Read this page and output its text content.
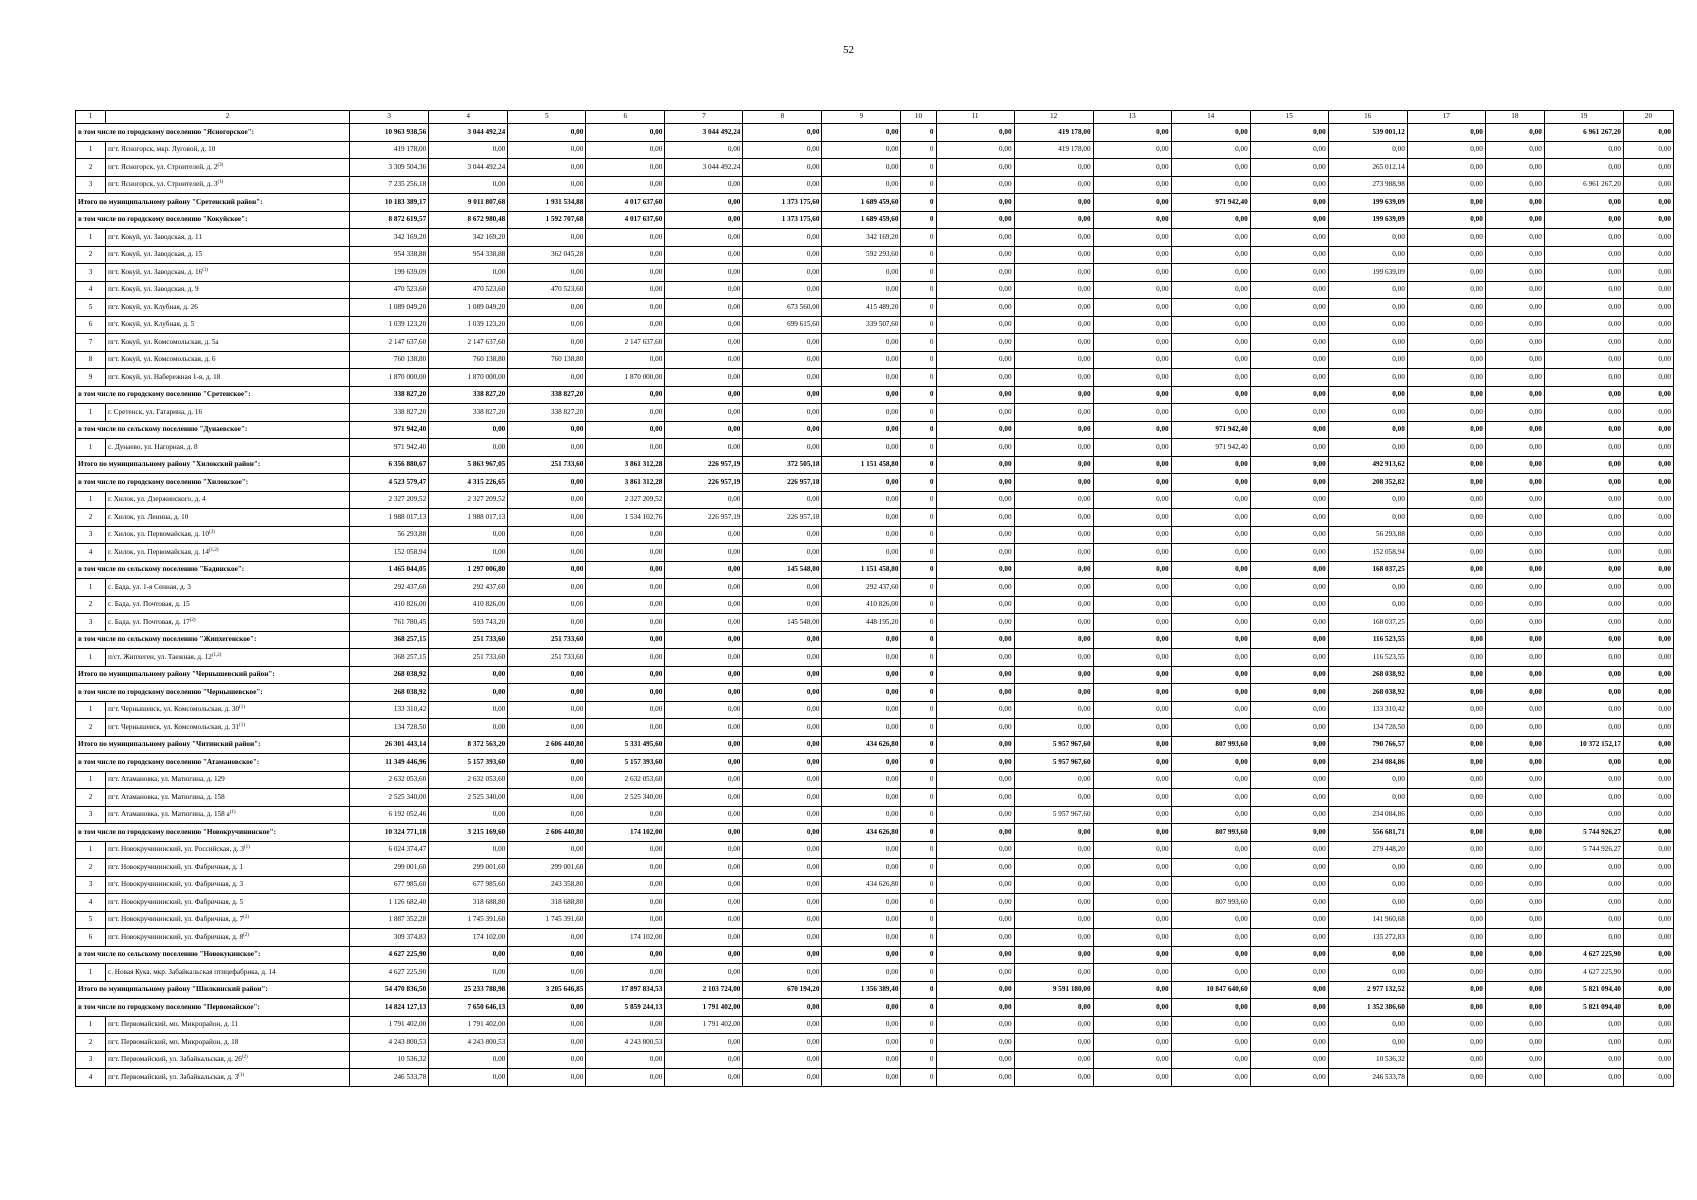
52
1	2	3	4	5	6	7	8	9	10	11	12	13	14	15	16	17	18	19	20
в том числе по городскому поселению "Ясногорское":		10 963 938,56	3 044 492,24	0,00	0,00	3 044 492,24	0,00	0,00	0	0,00	419 178,00	0,00	0,00	0,00	539 001,12	0,00	0,00	6 961 267,20	0,00
1	пгт. Ясногорск, мкр. Луговой, д. 10	419 178,00	0,00	0,00	0,00	0,00	0,00	0,00	0	0,00	419 178,00	0,00	0,00	0,00	0,00	0,00	0,00	0,00	0,00
2	пгт. Ясногорск, ул. Строителей, д. 2$^{(3)}$	3 309 504,36	3 044 492,24	0,00	0,00	3 044 492,24	0,00	0,00	0	0,00	0,00	0,00	0,00	0,00	265 012,14	0,00	0,00	0,00	0,00
3	пгт. Ясногорск, ул. Строителей, д. 3$^{(1)}$	7 235 256,18	0,00	0,00	0,00	0,00	0,00	0,00	0	0,00	0,00	0,00	0,00	0,00	273 988,98	0,00	0,00	6 961 267,20	0,00
Итого по муниципальному району "Сретенский район":		10 183 389,17	9 011 807,68	1 931 534,88	4 017 637,60	0,00	1 373 175,60	1 689 459,60	0	0,00	0,00	0,00	971 942,40	0,00	199 639,09	0,00	0,00	0,00	0,00
в том числе по городскому поселению "Кокуйское":		8 872 619,57	8 672 980,48	1 592 707,68	4 017 637,60	0,00	1 373 175,60	1 689 459,60	0	0,00	0,00	0,00	0,00	0,00	199 639,09	0,00	0,00	0,00	0,00
1	пгт. Кокуй, ул. Заводская, д. 11	342 169,20	342 169,20	0,00	0,00	0,00	0,00	342 169,20	0	0,00	0,00	0,00	0,00	0,00	0,00	0,00	0,00	0,00	0,00
2	пгт. Кокуй, ул. Заводская, д. 15	954 338,88	954 338,88	362 045,28	0,00	0,00	0,00	592 293,60	0	0,00	0,00	0,00	0,00	0,00	0,00	0,00	0,00	0,00	0,00
3	пгт. Кокуй, ул. Заводская, д. 16$^{(1)}$	199 639,09	0,00	0,00	0,00	0,00	0,00	0,00	0	0,00	0,00	0,00	0,00	0,00	199 639,09	0,00	0,00	0,00	0,00
4	пгт. Кокуй, ул. Заводская, д. 9	470 523,60	470 523,60	470 523,60	0,00	0,00	0,00	0,00	0	0,00	0,00	0,00	0,00	0,00	0,00	0,00	0,00	0,00	0,00
5	пгт. Кокуй, ул. Клубная, д. 26	1 089 049,20	1 089 049,20	0,00	0,00	0,00	673 560,00	415 489,20	0	0,00	0,00	0,00	0,00	0,00	0,00	0,00	0,00	0,00	0,00
6	пгт. Кокуй, ул. Клубная, д. 5	1 039 123,20	1 039 123,20	0,00	0,00	0,00	699 615,60	339 507,60	0	0,00	0,00	0,00	0,00	0,00	0,00	0,00	0,00	0,00	0,00
7	пгт. Кокуй, ул. Комсомольская, д. 5а	2 147 637,60	2 147 637,60	0,00	2 147 637,60	0,00	0,00	0,00	0	0,00	0,00	0,00	0,00	0,00	0,00	0,00	0,00	0,00	0,00
8	пгт. Кокуй, ул. Комсомольская, д. 6	760 138,80	760 138,80	760 138,80	0,00	0,00	0,00	0,00	0	0,00	0,00	0,00	0,00	0,00	0,00	0,00	0,00	0,00	0,00
9	пгт. Кокуй, ул. Набережная 1-я, д. 18	1 870 000,00	1 870 000,00	0,00	1 870 000,00	0,00	0,00	0,00	0	0,00	0,00	0,00	0,00	0,00	0,00	0,00	0,00	0,00	0,00
в том числе по городскому поселению "Сретенское":		338 827,20	338 827,20	338 827,20	0,00	0,00	0,00	0,00	0	0,00	0,00	0,00	0,00	0,00	0,00	0,00	0,00	0,00	0,00
1	г. Сретенск, ул. Гагарина, д. 16	338 827,20	338 827,20	338 827,20	0,00	0,00	0,00	0,00	0	0,00	0,00	0,00	0,00	0,00	0,00	0,00	0,00	0,00	0,00
в том числе по сельскому поселению "Дунаевское":		971 942,40	0,00	0,00	0,00	0,00	0,00	0,00	0	0,00	0,00	0,00	971 942,40	0,00	0,00	0,00	0,00	0,00	0,00
1	с. Дунаево, ул. Нагорная, д. 8	971 942,40	0,00	0,00	0,00	0,00	0,00	0,00	0	0,00	0,00	0,00	971 942,40	0,00	0,00	0,00	0,00	0,00	0,00
Итого по муниципальному району "Хилокский район":		6 356 880,67	5 863 967,05	251 733,60	3 861 312,28	226 957,19	372 505,18	1 151 458,80	0	0,00	0,00	0,00	0,00	0,00	492 913,62	0,00	0,00	0,00	0,00
в том числе по городскому поселению "Хилокское":		4 523 579,47	4 315 226,65	0,00	3 861 312,28	226 957,19	226 957,18	0,00	0	0,00	0,00	0,00	0,00	0,00	208 352,82	0,00	0,00	0,00	0,00
1	г. Хилок, ул. Дзержинского, д. 4	2 327 209,52	2 327 209,52	0,00	2 327 209,52	0,00	0,00	0,00	0	0,00	0,00	0,00	0,00	0,00	0,00	0,00	0,00	0,00	0,00
2	г. Хилок, ул. Ленина, д. 10	1 988 017,13	1 988 017,13	0,00	1 534 102,76	226 957,19	226 957,18	0,00	0	0,00	0,00	0,00	0,00	0,00	0,00	0,00	0,00	0,00	0,00
3	г. Хилок, ул. Первомайская, д. 10$^{(3)}$	56 293,88	0,00	0,00	0,00	0,00	0,00	0,00	0	0,00	0,00	0,00	0,00	0,00	56 293,88	0,00	0,00	0,00	0,00
4	г. Хилок, ул. Первомайская, д. 14$^{(1,2)}$	152 058,94	0,00	0,00	0,00	0,00	0,00	0,00	0	0,00	0,00	0,00	0,00	0,00	152 058,94	0,00	0,00	0,00	0,00
в том числе по сельскому поселению "Бадинское":		1 465 044,05	1 297 006,80	0,00	0,00	0,00	145 548,00	1 151 458,80	0	0,00	0,00	0,00	0,00	0,00	168 037,25	0,00	0,00	0,00	0,00
1	с. Бада, ул. 1-я Сенная, д. 3	292 437,60	292 437,60	0,00	0,00	0,00	0,00	292 437,60	0	0,00	0,00	0,00	0,00	0,00	0,00	0,00	0,00	0,00	0,00
2	с. Бада, ул. Почтовая, д. 15	410 826,00	410 826,00	0,00	0,00	0,00	0,00	410 826,00	0	0,00	0,00	0,00	0,00	0,00	0,00	0,00	0,00	0,00	0,00
3	с. Бада, ул. Почтовая, д. 17$^{(2)}$	761 780,45	593 743,20	0,00	0,00	0,00	145 548,00	448 195,20	0	0,00	0,00	0,00	0,00	0,00	168 037,25	0,00	0,00	0,00	0,00
в том числе по сельскому поселению "Жипхегенское":		368 257,15	251 733,60	251 733,60	0,00	0,00	0,00	0,00	0	0,00	0,00	0,00	0,00	0,00	116 523,55	0,00	0,00	0,00	0,00
1	п/ст. Жипхеген, ул. Таежная, д. 12$^{(1,2)}$	368 257,15	251 733,60	251 733,60	0,00	0,00	0,00	0,00	0	0,00	0,00	0,00	0,00	0,00	116 523,55	0,00	0,00	0,00	0,00
Итого по муниципальному району "Чернышевский район":		268 038,92	0,00	0,00	0,00	0,00	0,00	0,00	0	0,00	0,00	0,00	0,00	0,00	268 038,92	0,00	0,00	0,00	0,00
в том числе по городскому поселению "Чернышевское":		268 038,92	0,00	0,00	0,00	0,00	0,00	0,00	0	0,00	0,00	0,00	0,00	0,00	268 038,92	0,00	0,00	0,00	0,00
1	пгт. Чернышевск, ул. Комсомольская, д. 30$^{(1)}$	133 310,42	0,00	0,00	0,00	0,00	0,00	0,00	0	0,00	0,00	0,00	0,00	0,00	133 310,42	0,00	0,00	0,00	0,00
2	пгт. Чернышевск, ул. Комсомольская, д. 31$^{(1)}$	134 728,50	0,00	0,00	0,00	0,00	0,00	0,00	0	0,00	0,00	0,00	0,00	0,00	134 728,50	0,00	0,00	0,00	0,00
Итого по муниципальному району "Читинский район":		26 301 443,14	8 372 563,20	2 606 440,80	5 331 495,60	0,00	0,00	434 626,80	0	0,00	5 957 967,60	0,00	807 993,60	0,00	790 766,57	0,00	0,00	10 372 152,17	0,00
в том числе по городскому поселению "Атамановское":		11 349 446,96	5 157 393,60	0,00	5 157 393,60	0,00	0,00	0,00	0	0,00	5 957 967,60	0,00	0,00	0,00	234 084,86	0,00	0,00	0,00	0,00
1	пгт. Атамановка, ул. Матюгина, д. 129	2 632 053,60	2 632 053,60	0,00	2 632 053,60	0,00	0,00	0,00	0	0,00	0,00	0,00	0,00	0,00	0,00	0,00	0,00	0,00	0,00
2	пгт. Атамановка, ул. Матюгина, д. 158	2 525 340,00	2 525 340,00	0,00	2 525 340,00	0,00	0,00	0,00	0	0,00	0,00	0,00	0,00	0,00	0,00	0,00	0,00	0,00	0,00
3	пгт. Атамановка, ул. Матюгина, д. 158 $а^{(1)}$	6 192 052,46	0,00	0,00	0,00	0,00	0,00	0,00	0	0,00	5 957 967,60	0,00	0,00	0,00	234 084,86	0,00	0,00	0,00	0,00
в том числе по городскому поселению "Новокручининское":		10 324 771,18	3 215 169,60	2 606 440,80	174 102,00	0,00	0,00	434 626,80	0	0,00	0,00	0,00	807 993,60	0,00	556 681,71	0,00	0,00	5 744 926,27	0,00
1	пгт. Новокручининский, ул. Российская, д. 3$^{(1)}$	6 024 374,47	0,00	0,00	0,00	0,00	0,00	0,00	0	0,00	0,00	0,00	0,00	0,00	279 448,20	0,00	0,00	5 744 926,27	0,00
2	пгт. Новокручининский, ул. Фабричная, д. 1	299 001,60	299 001,60	299 001,60	0,00	0,00	0,00	0,00	0	0,00	0,00	0,00	0,00	0,00	0,00	0,00	0,00	0,00	0,00
3	пгт. Новокручининский, ул. Фабричная, д. 3	677 985,60	677 985,60	243 358,80	0,00	0,00	0,00	434 626,80	0	0,00	0,00	0,00	0,00	0,00	0,00	0,00	0,00	0,00	0,00
4	пгт. Новокручининский, ул. Фабричная, д. 5	1 126 682,40	318 688,80	318 688,80	0,00	0,00	0,00	0,00	0	0,00	0,00	0,00	807 993,60	0,00	0,00	0,00	0,00	0,00	0,00
5	пгт. Новокручининский, ул. Фабричная, д. 7$^{(2)}$	1 887 352,28	1 745 391,60	1 745 391,60	0,00	0,00	0,00	0,00	0	0,00	0,00	0,00	0,00	0,00	141 960,68	0,00	0,00	0,00	0,00
6	пгт. Новокручининский, ул. Фабричная, д. 8$^{(2)}$	309 374,83	174 102,00	0,00	174 102,00	0,00	0,00	0,00	0	0,00	0,00	0,00	0,00	0,00	135 272,83	0,00	0,00	0,00	0,00
в том числе по сельскому поселению "Новокукинское":		4 627 225,90	0,00	0,00	0,00	0,00	0,00	0,00	0	0,00	0,00	0,00	0,00	0,00	0,00	0,00	0,00	4 627 225,90	0,00
1	с. Новая Кука, мкр. Забайкальская птицефабрика, д. 14	4 627 225,90	0,00	0,00	0,00	0,00	0,00	0,00	0	0,00	0,00	0,00	0,00	0,00	0,00	0,00	0,00	4 627 225,90	0,00
Итого по муниципальному району "Шилкинский район":		54 470 836,50	25 233 788,98	3 205 646,85	17 897 834,53	2 103 724,00	670 194,20	1 356 389,40	0	0,00	9 591 180,00	0,00	10 847 640,60	0,00	2 977 132,52	0,00	0,00	5 821 094,40	0,00
в том числе по городскому поселению "Первомайское":		14 824 127,13	7 650 646,13	0,00	5 859 244,13	1 791 402,00	0,00	0,00	0	0,00	0,00	0,00	0,00	0,00	1 352 386,60	0,00	0,00	5 821 094,40	0,00
1	пгт. Первомайский, мп. Микрорайон, д. 11	1 791 402,00	1 791 402,00	0,00	0,00	1 791 402,00	0,00	0,00	0	0,00	0,00	0,00	0,00	0,00	0,00	0,00	0,00	0,00	0,00
2	пгт. Первомайский, мп. Микрорайон, д. 18	4 243 800,53	4 243 800,53	0,00	4 243 800,53	0,00	0,00	0,00	0	0,00	0,00	0,00	0,00	0,00	0,00	0,00	0,00	0,00	0,00
3	пгт. Первомайский, ул. Забайкальская, д. 26$^{(2)}$	10 536,32	0,00	0,00	0,00	0,00	0,00	0,00	0	0,00	0,00	0,00	0,00	0,00	10 536,32	0,00	0,00	0,00	0,00
4	пгт. Первомайский, ул. Забайкальская, д. 3$^{(1)}$	246 533,78	0,00	0,00	0,00	0,00	0,00	0,00	0	0,00	0,00	0,00	0,00	0,00	246 533,78	0,00	0,00	0,00	0,00
